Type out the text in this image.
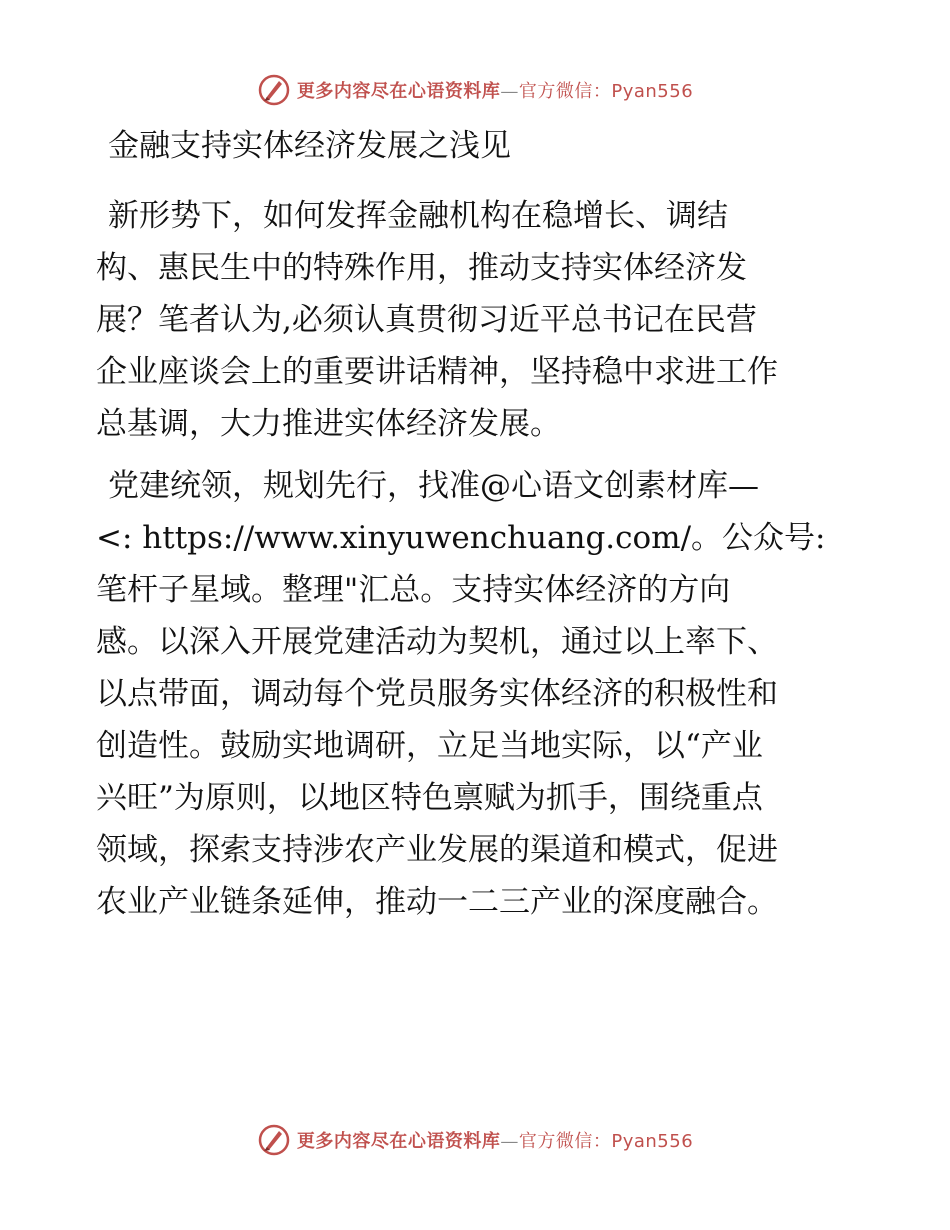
更多内容尽在心语资料库—官方微信：Pyan556
金融支持实体经济发展之浅见

新形势下，如何发挥金融机构在稳增长、调结
构、惠民生中的特殊作用，推动支持实体经济发
展？笔者认为,必须认真贯彻习近平总书记在民营
企业座谈会上的重要讲话精神，坚持稳中求进工作
总基调，大力推进实体经济发展。

党建统领，规划先行，找准@心语文创素材库—
<: https://www.xinyuwenchuang.com/。公众号:
笔杆子星域。整理"汇总。支持实体经济的方向
感。以深入开展党建活动为契机，通过以上率下、
以点带面，调动每个党员服务实体经济的积极性和
创造性。鼓励实地调研，立足当地实际，以“产业
兴旺”为原则，以地区特色禀赋为抓手，围绕重点
领域，探索支持涉农产业发展的渠道和模式，促进
农业产业链条延伸，推动一二三产业的深度融合。

更多内容尽在心语资料库—官方微信：Pyan556
